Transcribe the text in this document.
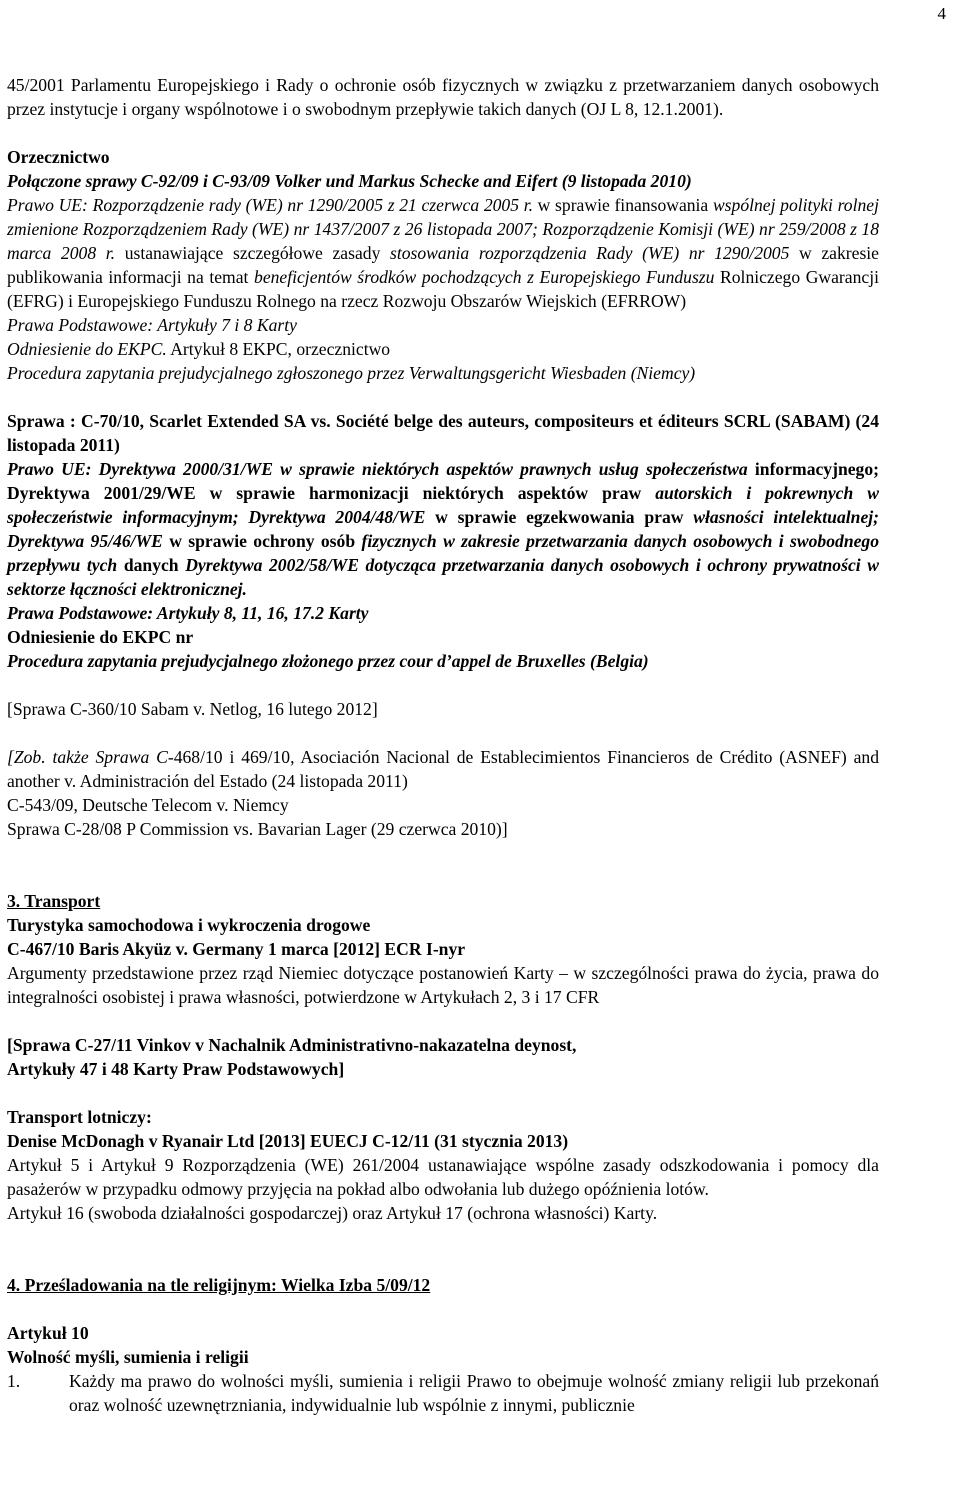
4

45/2001 Parlamentu Europejskiego i Rady o ochronie osób fizycznych w związku z przetwarzaniem danych osobowych przez instytucje i organy wspólnotowe i o swobodnym przepływie takich danych (OJ L 8, 12.1.2001).

Orzecznictwo

Połączone sprawy C-92/09 i C-93/09 Volker und Markus Schecke and Eifert (9 listopada 2010)

Prawo UE: Rozporządzenie rady (WE) nr 1290/2005 z 21 czerwca 2005 r. w sprawie finansowania wspólnej polityki rolnej zmienione Rozporządzeniem Rady (WE) nr 1437/2007 z 26 listopada 2007; Rozporządzenie Komisji (WE) nr 259/2008 z 18 marca 2008 r. ustanawiające szczegółowe zasady stosowania rozporządzenia Rady (WE) nr 1290/2005 w zakresie publikowania informacji na temat beneficjentów środków pochodzących z Europejskiego Funduszu Rolniczego Gwarancji (EFRG) i Europejskiego Funduszu Rolnego na rzecz Rozwoju Obszarów Wiejskich (EFRROW)

Prawa Podstawowe: Artykuły 7 i 8 Karty

Odniesienie do EKPC. Artykuł 8 EKPC, orzecznictwo

Procedura zapytania prejudycjalnego zgłoszonego przez Verwaltungsgericht Wiesbaden (Niemcy)

Sprawa : C-70/10, Scarlet Extended SA vs. Société belge des auteurs, compositeurs et éditeurs SCRL (SABAM) (24 listopada 2011)

Prawo UE: Dyrektywa 2000/31/WE w sprawie niektórych aspektów prawnych usług społeczeństwa informacyjnego; Dyrektywa 2001/29/WE w sprawie harmonizacji niektórych aspektów praw autorskich i pokrewnych w społeczeństwie informacyjnym; Dyrektywa 2004/48/WE w sprawie egzekwowania praw własności intelektualnej; Dyrektywa 95/46/WE w sprawie ochrony osób fizycznych w zakresie przetwarzania danych osobowych i swobodnego przepływu tych danych Dyrektywa 2002/58/WE dotycząca przetwarzania danych osobowych i ochrony prywatności w sektorze łączności elektronicznej.

Prawa Podstawowe: Artykuły 8, 11, 16, 17.2 Karty

Odniesienie do EKPC nr

Procedura zapytania prejudycjalnego złożonego przez cour d’appel de Bruxelles (Belgia)

[Sprawa C-360/10 Sabam v. Netlog, 16 lutego 2012]

[Zob. także Sprawa C-468/10 i 469/10, Asociación Nacional de Establecimientos Financieros de Crédito (ASNEF) and another v. Administración del Estado (24 listopada 2011)

C-543/09, Deutsche Telecom v. Niemcy

Sprawa C-28/08 P Commission vs. Bavarian Lager (29 czerwca 2010)]

3. Transport

Turystyka samochodowa i wykroczenia drogowe

C-467/10 Baris Akyüz v. Germany 1 marca [2012] ECR I-nyr

Argumenty przedstawione przez rząd Niemiec dotyczące postanowień Karty – w szczególności prawa do życia, prawa do integralności osobistej i prawa własności, potwierdzone w Artykułach 2, 3 i 17 CFR

[Sprawa C-27/11 Vinkov v Nachalnik Administrativno-nakazatelna deynost,

Artykuły 47 i 48 Karty Praw Podstawowych]

Transport lotniczy:

Denise McDonagh v Ryanair Ltd [2013] EUECJ C-12/11 (31 stycznia 2013)

Artykuł 5 i Artykuł 9 Rozporządzenia (WE) 261/2004 ustanawiające wspólne zasady odszkodowania i pomocy dla pasażerów w przypadku odmowy przyjęcia na pokład albo odwołania lub dużego opóźnienia lotów.

Artykuł 16 (swoboda działalności gospodarczej) oraz Artykuł 17 (ochrona własności) Karty.

4. Prześladowania na tle religijnym: Wielka Izba 5/09/12

Artykuł 10

Wolność myśli, sumienia i religii

1.	Każdy ma prawo do wolności myśli, sumienia i religii Prawo to obejmuje wolność zmiany religii lub przekonań oraz wolność uzewnętrzniania, indywidualnie lub wspólnie z innymi, publicznie
